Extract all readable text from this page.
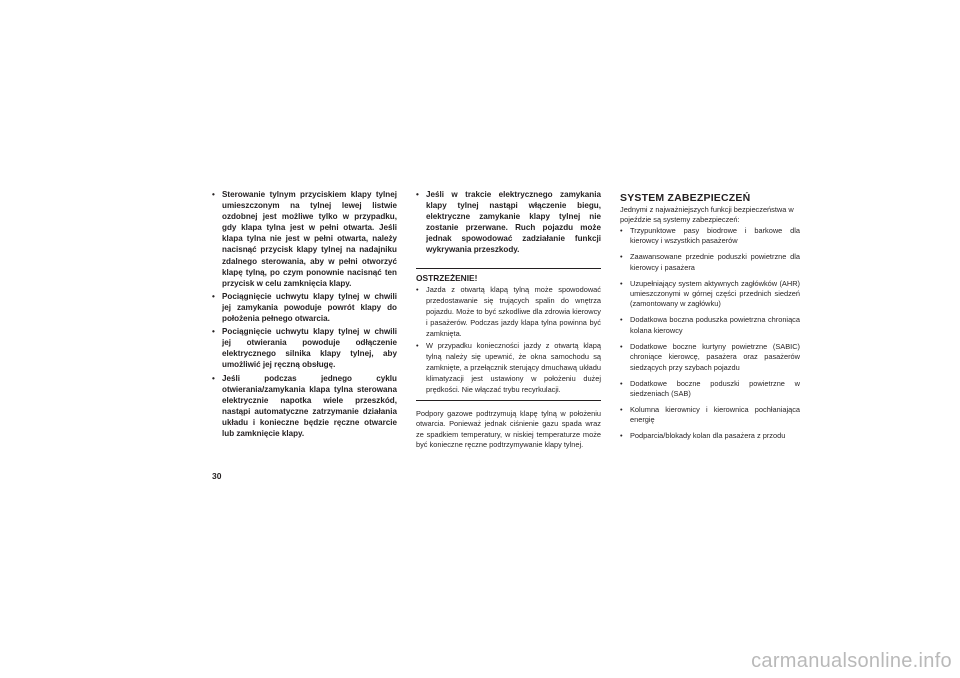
• Sterowanie tylnym przyciskiem klapy tylnej umieszczonym na tylnej lewej listwie ozdobnej jest możliwe tylko w przypadku, gdy klapa tylna jest w pełni otwarta. Jeśli klapa tylna nie jest w pełni otwarta, należy nacisnąć przycisk klapy tylnej na nadajniku zdalnego sterowania, aby w pełni otworzyć klapę tylną, po czym ponownie nacisnąć ten przycisk w celu zamknięcia klapy.
• Pociągnięcie uchwytu klapy tylnej w chwili jej zamykania powoduje powrót klapy do położenia pełnego otwarcia.
• Pociągnięcie uchwytu klapy tylnej w chwili jej otwierania powoduje odłączenie elektrycznego silnika klapy tylnej, aby umożliwić jej ręczną obsługę.
• Jeśli podczas jednego cyklu otwierania/zamykania klapa tylna sterowana elektrycznie napotka wiele przeszkód, nastąpi automatyczne zatrzymanie działania układu i konieczne będzie ręczne otwarcie lub zamknięcie klapy.
• Jeśli w trakcie elektrycznego zamykania klapy tylnej nastąpi włączenie biegu, elektryczne zamykanie klapy tylnej nie zostanie przerwane. Ruch pojazdu może jednak spowodować zadziałanie funkcji wykrywania przeszkody.
OSTRZEŻENIE!
• Jazda z otwartą klapą tylną może spowodować przedostawanie się trujących spalin do wnętrza pojazdu. Może to być szkodliwe dla zdrowia kierowcy i pasażerów. Podczas jazdy klapa tylna powinna być zamknięta.
• W przypadku konieczności jazdy z otwartą klapą tylną należy się upewnić, że okna samochodu są zamknięte, a przełącznik sterujący dmuchawą układu klimatyzacji jest ustawiony w położeniu dużej prędkości. Nie włączać trybu recyrkulacji.
Podpory gazowe podtrzymują klapę tylną w położeniu otwarcia. Ponieważ jednak ciśnienie gazu spada wraz ze spadkiem temperatury, w niskiej temperaturze może być konieczne ręczne podtrzymywanie klapy tylnej.
SYSTEM ZABEZPIECZEŃ
Jednymi z najważniejszych funkcji bezpieczeństwa w pojeździe są systemy zabezpieczeń:
• Trzypunktowe pasy biodrowe i barkowe dla kierowcy i wszystkich pasażerów
• Zaawansowane przednie poduszki powietrzne dla kierowcy i pasażera
• Uzupełniający system aktywnych zagłówków (AHR) umieszczonymi w górnej części przednich siedzeń (zamontowany w zagłówku)
• Dodatkowa boczna poduszka powietrzna chroniąca kolana kierowcy
• Dodatkowe boczne kurtyny powietrzne (SABIC) chroniące kierowcę, pasażera oraz pasażerów siedzących przy szybach pojazdu
• Dodatkowe boczne poduszki powietrzne w siedzeniach (SAB)
• Kolumna kierownicy i kierownica pochłaniająca energię
• Podparcia/blokady kolan dla pasażera z przodu
30
carmanualsonline.info
